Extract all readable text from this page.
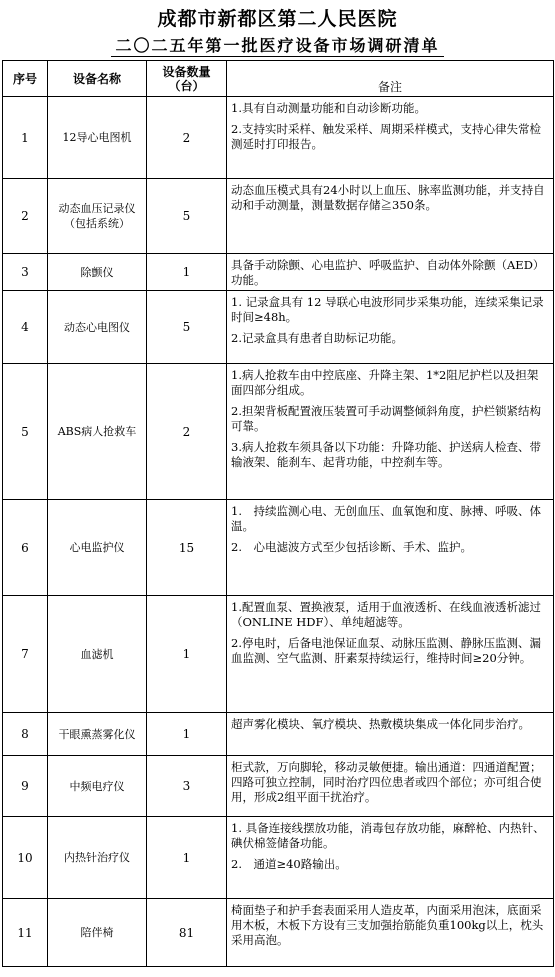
成都市新都区第二人民医院
二〇二五年第一批医疗设备市场调研清单
序号	设备名称	设备数量（台）	备注
1	12导心电图机	2	1.具有自动测量功能和自动诊断功能。

2.支持实时采样、触发采样、周期采样模式，支持心律失常检测延时打印报告。

2	动态血压记录仪（包括系统）	5	动态血压模式具有24小时以上血压、脉率监测功能，并支持自动和手动测量，测量数据存储≧350条。

3	除颤仪	1	具备手动除颤、心电监护、呼吸监护、自动体外除颤（AED）功能。

4	动态心电图仪	5	1. 记录盒具有 12 导联心电波形同步采集功能，连续采集记录时间≥48h。

2.记录盒具有患者自助标记功能。

5	ABS病人抢救车	2	1.病人抢救车由中控底座、升降主架、1*2阻尼护栏以及担架面四部分组成。

2.担架背板配置液压装置可手动调整倾斜角度，护栏锁紧结构可靠。

3.病人抢救车须具备以下功能：升降功能、护送病人检查、带输液架、能刹车、起背功能，中控刹车等。

6	心电监护仪	15	1.　持续监测心电、无创血压、血氧饱和度、脉搏、呼吸、体温。

2.　心电滤波方式至少包括诊断、手术、监护。

7	血滤机	1	1.配置血泵、置换液泵，适用于血液透析、在线血液透析滤过（ONLINE HDF）、单纯超滤等。

2.停电时，后备电池保证血泵、动脉压监测、静脉压监测、漏血监测、空气监测、肝素泵持续运行，维持时间≥20分钟。

8	干眼熏蒸雾化仪	1	超声雾化模块、氧疗模块、热敷模块集成一体化同步治疗。

9	中频电疗仪	3	柜式款，万向脚轮，移动灵敏便捷。输出通道：四通道配置；四路可独立控制，同时治疗四位患者或四个部位；亦可组合使用，形成2组平面干扰治疗。

10	内热针治疗仪	1	1. 具备连接线摆放功能，消毒包存放功能，麻醉枪、内热针、碘伏棉签储备功能。

2.　通道≥40路输出。

11	陪伴椅	81	椅面垫子和护手套表面采用人造皮革，内面采用泡沫，底面采用木板，木板下方设有三支加强抬筋能负重100kg以上，枕头采用高泡。
